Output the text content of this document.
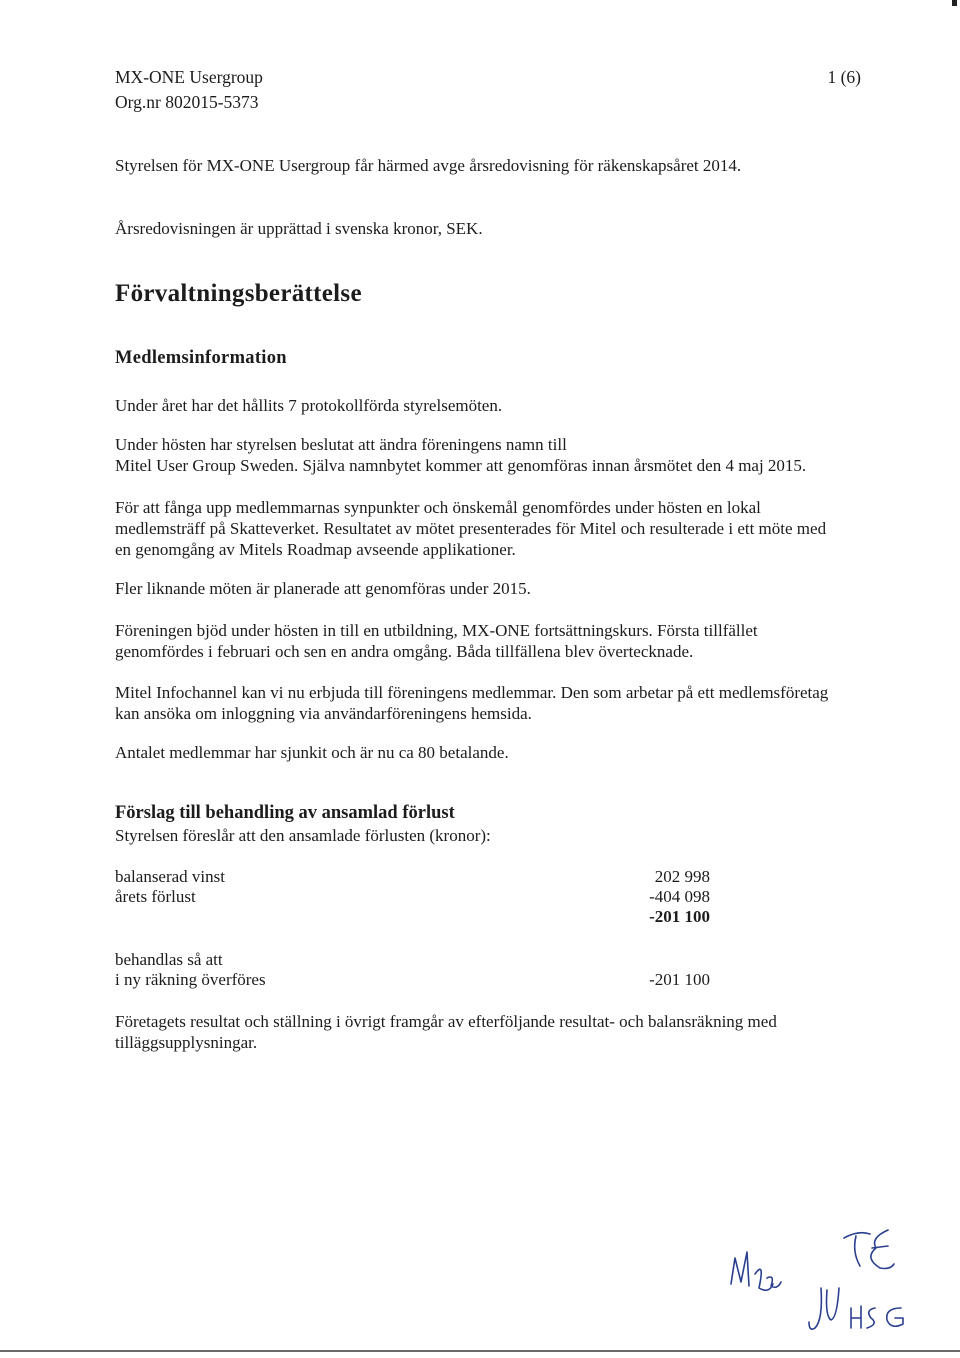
MX-ONE Usergroup
Org.nr 802015-5373
1 (6)
Styrelsen för MX-ONE Usergroup får härmed avge årsredovisning för räkenskapsåret 2014.
Årsredovisningen är upprättad i svenska kronor, SEK.
Förvaltningsberättelse
Medlemsinformation
Under året har det hållits 7 protokollförda styrelsemöten.
Under hösten har styrelsen beslutat att ändra föreningens namn till
Mitel User Group Sweden. Själva namnbytet kommer att genomföras innan årsmötet den 4 maj 2015.
För att fånga upp medlemmarnas synpunkter och önskemål genomfördes under hösten en lokal
medlemsträff på Skatteverket. Resultatet av mötet presenterades för Mitel och resulterade i ett möte med
en genomgång av Mitels Roadmap avseende applikationer.
Fler liknande möten är planerade att genomföras under 2015.
Föreningen bjöd under hösten in till en utbildning, MX-ONE fortsättningskurs. Första tillfället
genomfördes i februari och sen en andra omgång. Båda tillfällena blev övertecknade.
Mitel Infochannel kan vi nu erbjuda till föreningens medlemmar. Den som arbetar på ett medlemsföretag
kan ansöka om inloggning via användarföreningens hemsida.
Antalet medlemmar har sjunkit och är nu ca 80 betalande.
Förslag till behandling av ansamlad förlust
Styrelsen föreslår att den ansamlade förlusten (kronor):
balanserad vinst	202 998
årets förlust	-404 098
-201 100
behandlas så att
i ny räkning överföres	-201 100
Företagets resultat och ställning i övrigt framgår av efterföljande resultat- och balansräkning med
tilläggsupplysningar.
